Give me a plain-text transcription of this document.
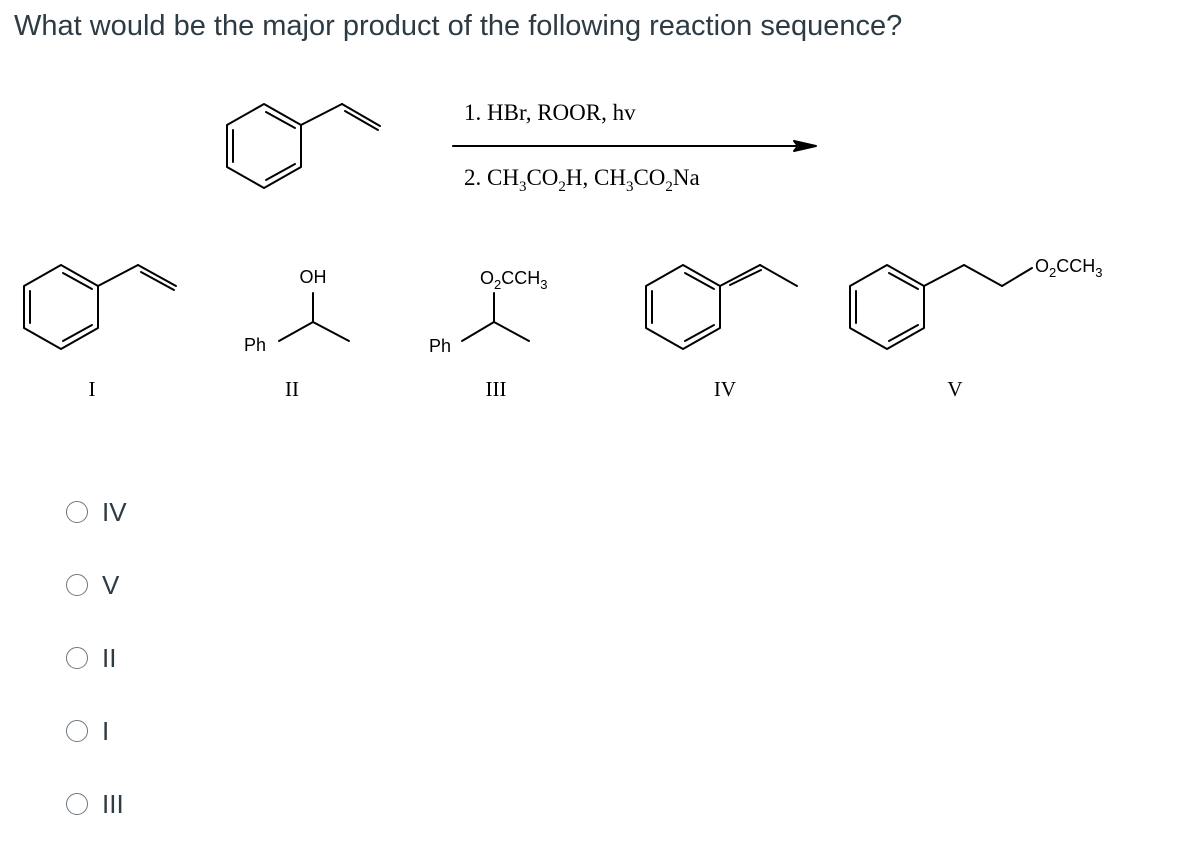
What would be the major product of the following reaction sequence?
1. HBr, ROOR, hv
2. $CH_3CO_2H$, $CH_3CO_2Na$
OH
Ph
$O_2CCH_3$
Ph
$O_2CCH_3$
I	II	III	IV	V
IV
V
II
I
III
